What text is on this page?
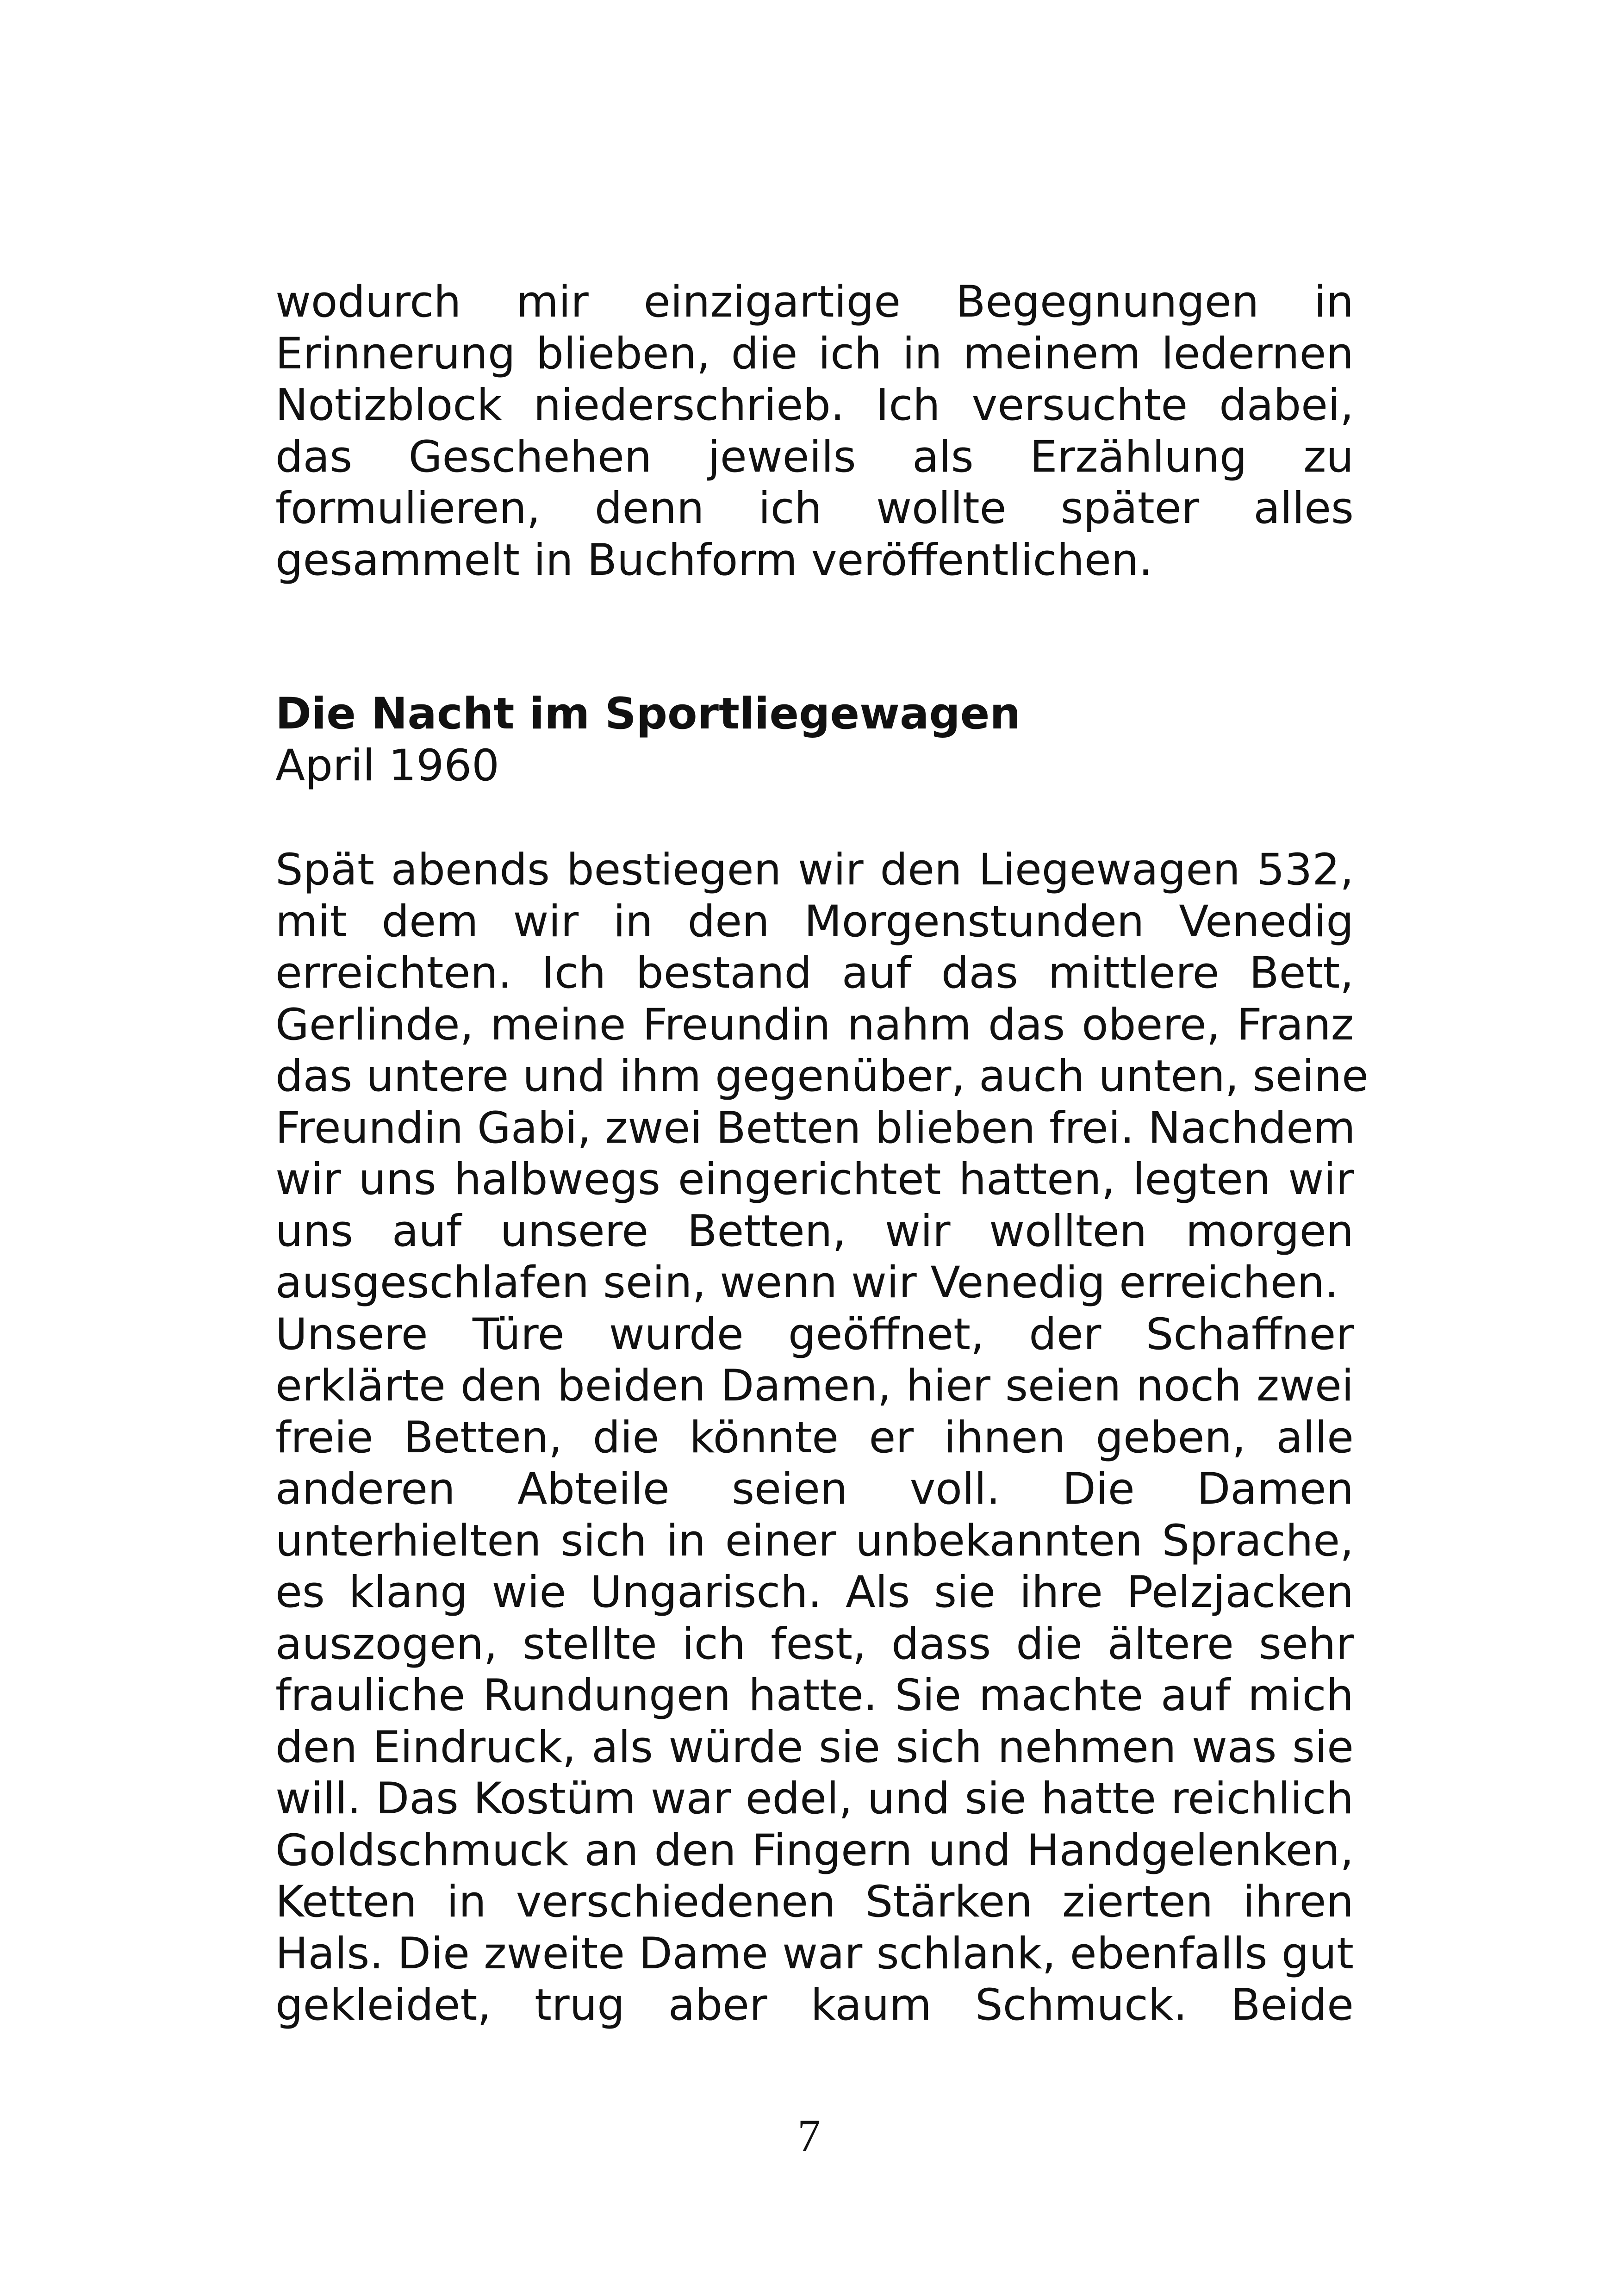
wodurch mir einzigartige Begegnungen in
Erinnerung blieben, die ich in meinem ledernen
Notizblock niederschrieb. Ich versuchte dabei,
das Geschehen jeweils als Erzählung zu
formulieren, denn ich wollte später alles
gesammelt in Buchform veröffentlichen.
Die Nacht im Sportliegewagen
April 1960
Spät abends bestiegen wir den Liegewagen 532,
mit dem wir in den Morgenstunden Venedig
erreichten. Ich bestand auf das mittlere Bett,
Gerlinde, meine Freundin nahm das obere, Franz
das untere und ihm gegenüber, auch unten, seine
Freundin Gabi, zwei Betten blieben frei. Nachdem
wir uns halbwegs eingerichtet hatten, legten wir
uns auf unsere Betten, wir wollten morgen
ausgeschlafen sein, wenn wir Venedig erreichen.
Unsere Türe wurde geöffnet, der Schaffner
erklärte den beiden Damen, hier seien noch zwei
freie Betten, die könnte er ihnen geben, alle
anderen Abteile seien voll. Die Damen
unterhielten sich in einer unbekannten Sprache,
es klang wie Ungarisch. Als sie ihre Pelzjacken
auszogen, stellte ich fest, dass die ältere sehr
frauliche Rundungen hatte. Sie machte auf mich
den Eindruck, als würde sie sich nehmen was sie
will. Das Kostüm war edel, und sie hatte reichlich
Goldschmuck an den Fingern und Handgelenken,
Ketten in verschiedenen Stärken zierten ihren
Hals. Die zweite Dame war schlank, ebenfalls gut
gekleidet, trug aber kaum Schmuck. Beide
7
